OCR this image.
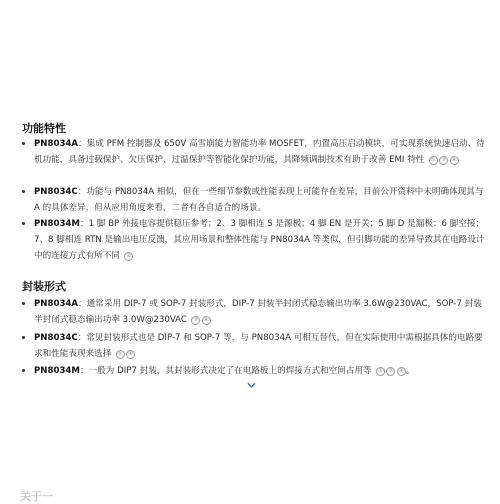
功能特性
PN8034A：集成 PFM 控制器及 650V 高雪崩能力智能功率 MOSFET，内置高压启动模块，可实现系统快速启动、待机功能，具备过载保护、欠压保护、过温保护等智能化保护功能，其降频调制技术有助于改善 EMI 特性 ① ③ ④
PN8034C：功能与 PN8034A 相似，但在一些细节参数或性能表现上可能存在差异，目前公开资料中未明确体现其与 A 的具体差异，但从应用角度来看，二者有各自适合的场景。
PN8034M：1 脚 BP 外接电容提供稳压参考；2、3 脚相连 S 是源极；4 脚 EN 是开关；5 脚 D 是漏极；6 脚空接；7、8 脚相连 RTN 是输出电压反馈，其应用场景和整体性能与 PN8034A 等类似，但引脚功能的差异导致其在电路设计中的连接方式有所不同 ②
封装形式
PN8034A：通常采用 DIP-7 或 SOP-7 封装形式，DIP-7 封装半封闭式稳态输出功率 3.6W@230VAC，SOP-7 封装半封闭式稳态输出功率 3.0W@230VAC ③ ④
PN8034C：常见封装形式也是 DIP-7 和 SOP-7 等，与 PN8034A 可相互替代，但在实际使用中需根据具体的电路要求和性能表现来选择 ① ④
PN8034M：一般为 DIP7 封装，其封装形式决定了在电路板上的焊接方式和空间占用等 ① ③ ④ 。
关于一
